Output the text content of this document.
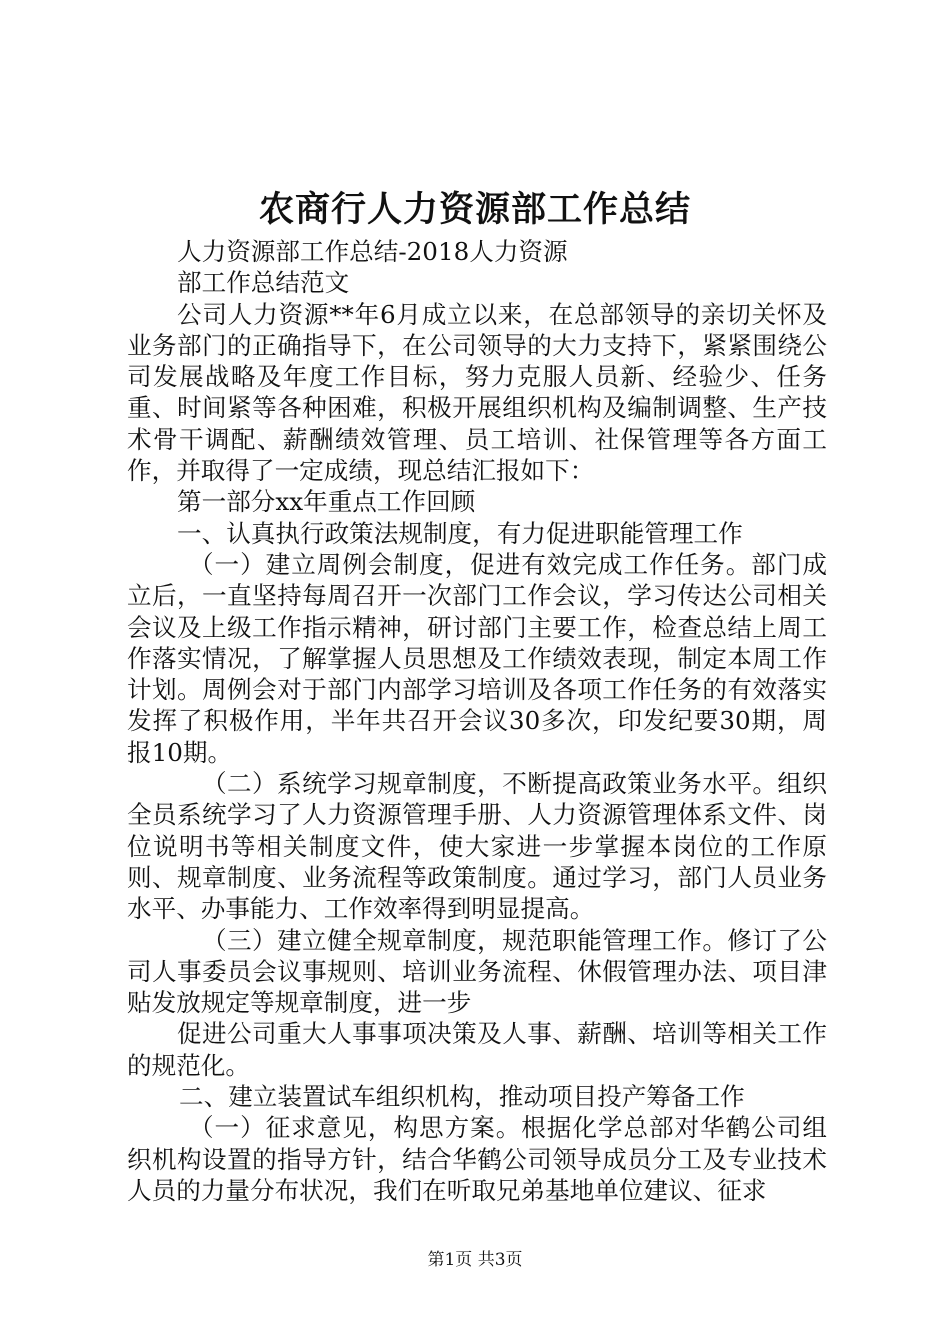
农商行人力资源部工作总结

人力资源部工作总结-2018人力资源

部工作总结范文

公司人力资源**年6月成立以来，在总部领导的亲切关怀及业务部门的正确指导下，在公司领导的大力支持下，紧紧围绕公司发展战略及年度工作目标，努力克服人员新、经验少、任务重、时间紧等各种困难，积极开展组织机构及编制调整、生产技术骨干调配、薪酬绩效管理、员工培训、社保管理等各方面工作，并取得了一定成绩，现总结汇报如下：

第一部分xx年重点工作回顾

一、认真执行政策法规制度，有力促进职能管理工作

（一）建立周例会制度，促进有效完成工作任务。部门成立后，一直坚持每周召开一次部门工作会议，学习传达公司相关会议及上级工作指示精神，研讨部门主要工作，检查总结上周工作落实情况，了解掌握人员思想及工作绩效表现，制定本周工作计划。周例会对于部门内部学习培训及各项工作任务的有效落实发挥了积极作用，半年共召开会议30多次，印发纪要30期，周报10期。

（二）系统学习规章制度，不断提高政策业务水平。组织全员系统学习了人力资源管理手册、人力资源管理体系文件、岗位说明书等相关制度文件，使大家进一步掌握本岗位的工作原则、规章制度、业务流程等政策制度。通过学习，部门人员业务水平、办事能力、工作效率得到明显提高。

（三）建立健全规章制度，规范职能管理工作。修订了公司人事委员会议事规则、培训业务流程、休假管理办法、项目津贴发放规定等规章制度，进一步

促进公司重大人事事项决策及人事、薪酬、培训等相关工作的规范化。

二、建立装置试车组织机构，推动项目投产筹备工作

（一）征求意见，构思方案。根据化学总部对华鹤公司组织机构设置的指导方针，结合华鹤公司领导成员分工及专业技术人员的力量分布状况，我们在听取兄弟基地单位建议、征求

第1页 共3页
